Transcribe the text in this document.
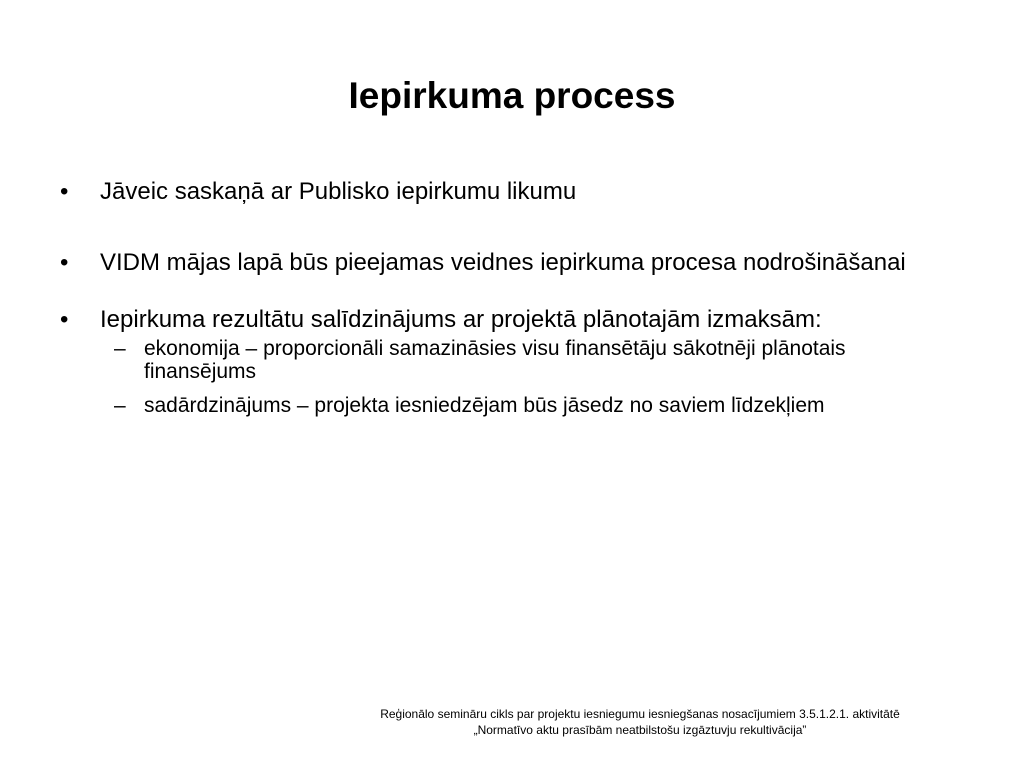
Iepirkuma process
• Jāveic saskaņā ar Publisko iepirkumu likumu
• VIDM mājas lapā būs pieejamas veidnes iepirkuma procesa nodrošināšanai
• Iepirkuma rezultātu salīdzinājums ar projektā plānotajām izmaksām:
– ekonomija – proporcionāli samazināsies visu finansētāju sākotnēji plānotais finansējums
– sadārdzinājums – projekta iesniedzējam būs jāsedz no saviem līdzekļiem
Reģionālo semināru cikls par projektu iesniegumu iesniegšanas nosacījumiem 3.5.1.2.1. aktivitātē
„Normatīvo aktu prasībām neatbilstošu izgāztuvju rekultivācija”
